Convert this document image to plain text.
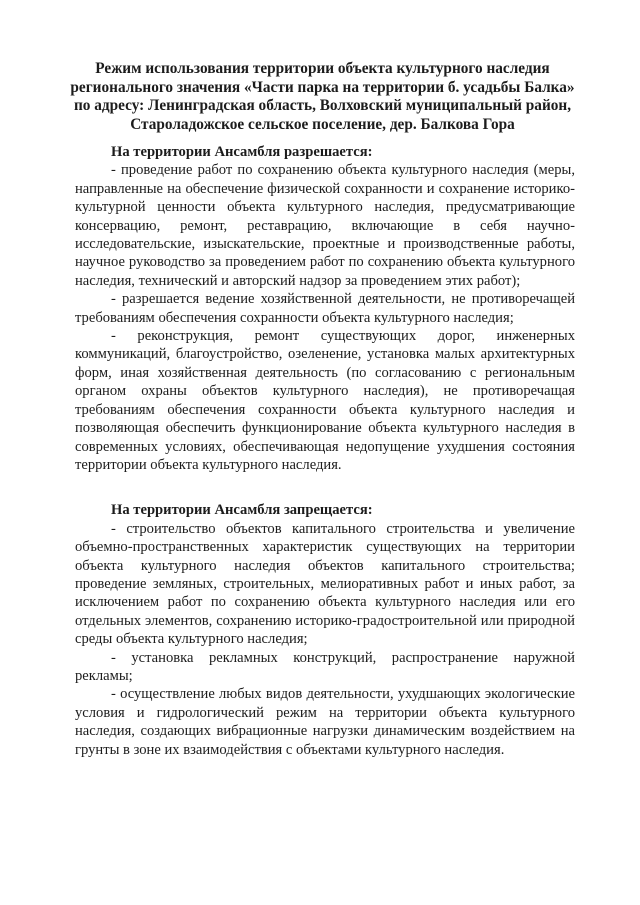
Режим использования территории объекта культурного наследия
регионального значения «Части парка на территории б. усадьбы Балка»
по адресу: Ленинградская область, Волховский муниципальный район,
Староладожское сельское поселение, дер. Балкова Гора

На территории Ансамбля разрешается:

- проведение работ по сохранению объекта культурного наследия (меры, направленные на обеспечение физической сохранности и сохранение историко-культурной ценности объекта культурного наследия, предусматривающие консервацию, ремонт, реставрацию, включающие в себя научно-исследовательские, изыскательские, проектные и производственные работы, научное руководство за проведением работ по сохранению объекта культурного наследия, технический и авторский надзор за проведением этих работ);

- разрешается ведение хозяйственной деятельности, не противоречащей требованиям обеспечения сохранности объекта культурного наследия;

- реконструкция, ремонт существующих дорог, инженерных коммуникаций, благоустройство, озеленение, установка малых архитектурных форм, иная хозяйственная деятельность (по согласованию с региональным органом охраны объектов культурного наследия), не противоречащая требованиям обеспечения сохранности объекта культурного наследия и позволяющая обеспечить функционирование объекта культурного наследия в современных условиях, обеспечивающая недопущение ухудшения состояния территории объекта культурного наследия.

На территории Ансамбля запрещается:

- строительство объектов капитального строительства и увеличение объемно-пространственных характеристик существующих на территории объекта культурного наследия объектов капитального строительства; проведение земляных, строительных, мелиоративных работ и иных работ, за исключением работ по сохранению объекта культурного наследия или его отдельных элементов, сохранению историко-градостроительной или природной среды объекта культурного наследия;

- установка рекламных конструкций, распространение наружной рекламы;

- осуществление любых видов деятельности, ухудшающих экологические условия и гидрологический режим на территории объекта культурного наследия, создающих вибрационные нагрузки динамическим воздействием на грунты в зоне их взаимодействия с объектами культурного наследия.
